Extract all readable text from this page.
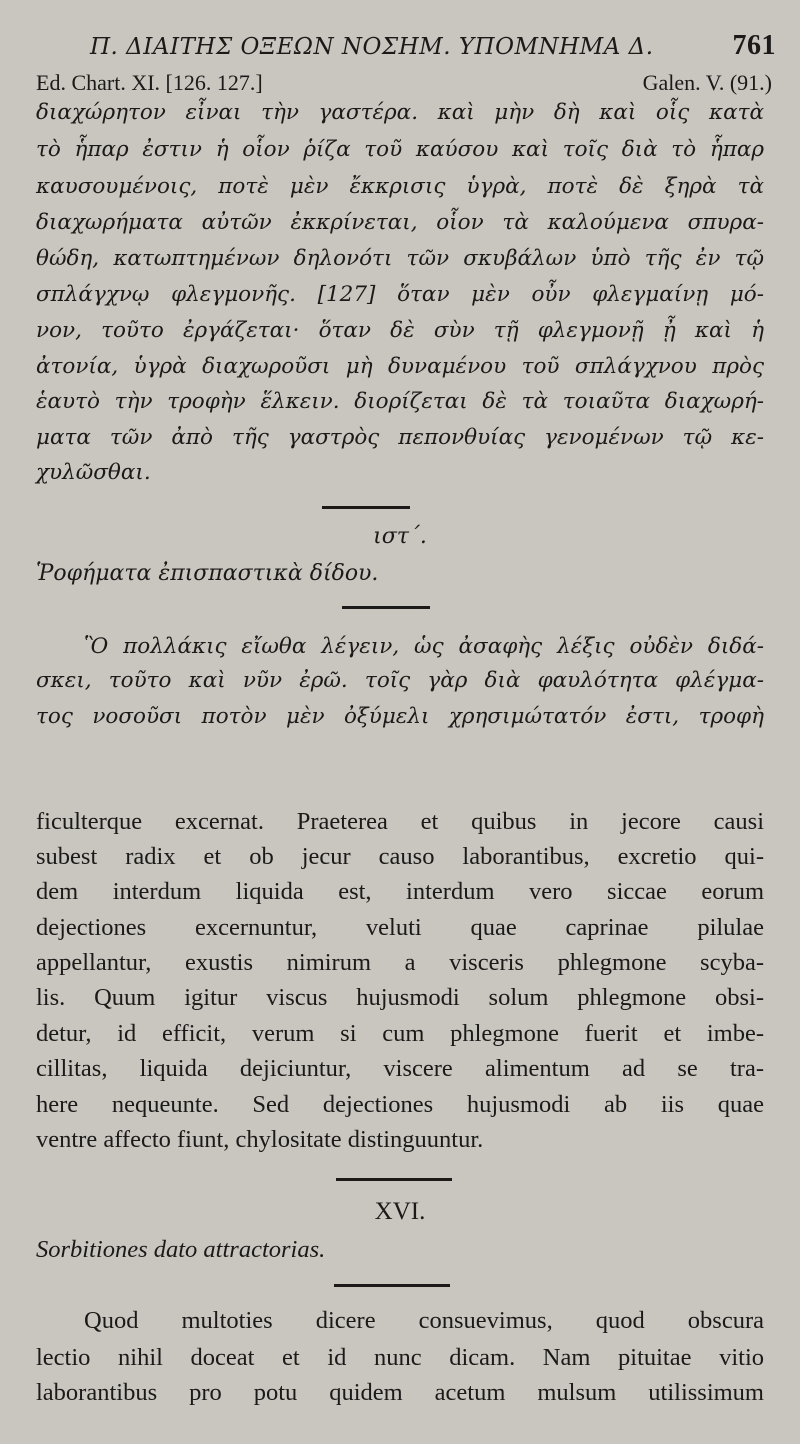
Π. ΔΙΑΙΤΗΣ ΟΞΕΩΝ ΝΟΣΗΜ. ΥΠΟΜΝΗΜΑ Δ.	761
Ed. Chart. XI. [126. 127.]	Galen. V. (91.)
διαχώρητον εἶναι τὴν γαστέρα. καὶ μὴν δὴ καὶ οἷς κατὰ
τὸ ἧπαρ ἐστιν ἡ οἷον ῥίζα τοῦ καύσου καὶ τοῖς διὰ τὸ ἧπαρ
καυσουμένοις, ποτὲ μὲν ἔκκρισις ὑγρὰ, ποτὲ δὲ ξηρὰ τὰ
διαχωρήματα αὐτῶν ἐκκρίνεται, οἷον τὰ καλούμενα σπυρα-
θώδη, κατωπτημένων δηλονότι τῶν σκυβάλων ὑπὸ τῆς ἐν τῷ
σπλάγχνῳ φλεγμονῆς. [127] ὅταν μὲν οὖν φλεγμαίνῃ μό-
νον, τοῦτο ἐργάζεται· ὅταν δὲ σὺν τῇ φλεγμονῇ ᾖ καὶ ἡ
ἀτονία, ὑγρὰ διαχωροῦσι μὴ δυναμένου τοῦ σπλάγχνου πρὸς
ἑαυτὸ τὴν τροφὴν ἕλκειν. διορίζεται δὲ τὰ τοιαῦτα διαχωρή-
ματα τῶν ἀπὸ τῆς γαστρὸς πεπονθυίας γενομένων τῷ κε-
χυλῶσθαι.
ιστ΄.
Ῥοφήματα ἐπισπαστικὰ δίδου.
Ὃ πολλάκις εἴωθα λέγειν, ὡς ἀσαφὴς λέξις οὐδὲν διδά-
σκει, τοῦτο καὶ νῦν ἐρῶ. τοῖς γὰρ διὰ φαυλότητα φλέγμα-
τος νοσοῦσι ποτὸν μὲν ὀξύμελι χρησιμώτατόν ἐστι, τροφὴ
ficulterque excernat. Praeterea et quibus in jecore causi
subest radix et ob jecur causo laborantibus, excretio qui-
dem interdum liquida est, interdum vero siccae eorum
dejectiones excernuntur, veluti quae caprinae pilulae
appellantur, exustis nimirum a visceris phlegmone scyba-
lis. Quum igitur viscus hujusmodi solum phlegmone obsi-
detur, id efficit, verum si cum phlegmone fuerit et imbe-
cillitas, liquida dejiciuntur, viscere alimentum ad se tra-
here nequeunte. Sed dejectiones hujusmodi ab iis quae
ventre affecto fiunt, chylositate distinguuntur.
XVI.
Sorbitiones dato attractorias.
Quod multoties dicere consuevimus, quod obscura
lectio nihil doceat et id nunc dicam. Nam pituitae vitio
laborantibus pro potu quidem acetum mulsum utilissimum
